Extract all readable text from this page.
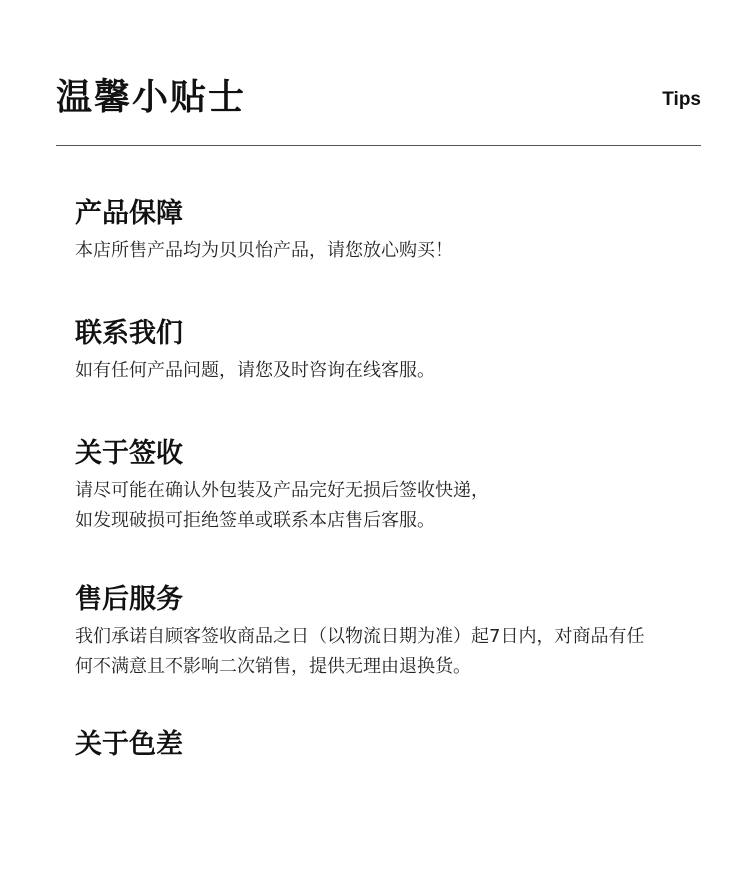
温馨小贴士	Tips
产品保障
本店所售产品均为贝贝怡产品，请您放心购买！
联系我们
如有任何产品问题，请您及时咨询在线客服。
关于签收
请尽可能在确认外包装及产品完好无损后签收快递，
如发现破损可拒绝签单或联系本店售后客服。
售后服务
我们承诺自顾客签收商品之日（以物流日期为准）起7日内，对商品有任
何不满意且不影响二次销售，提供无理由退换货。
关于色差
